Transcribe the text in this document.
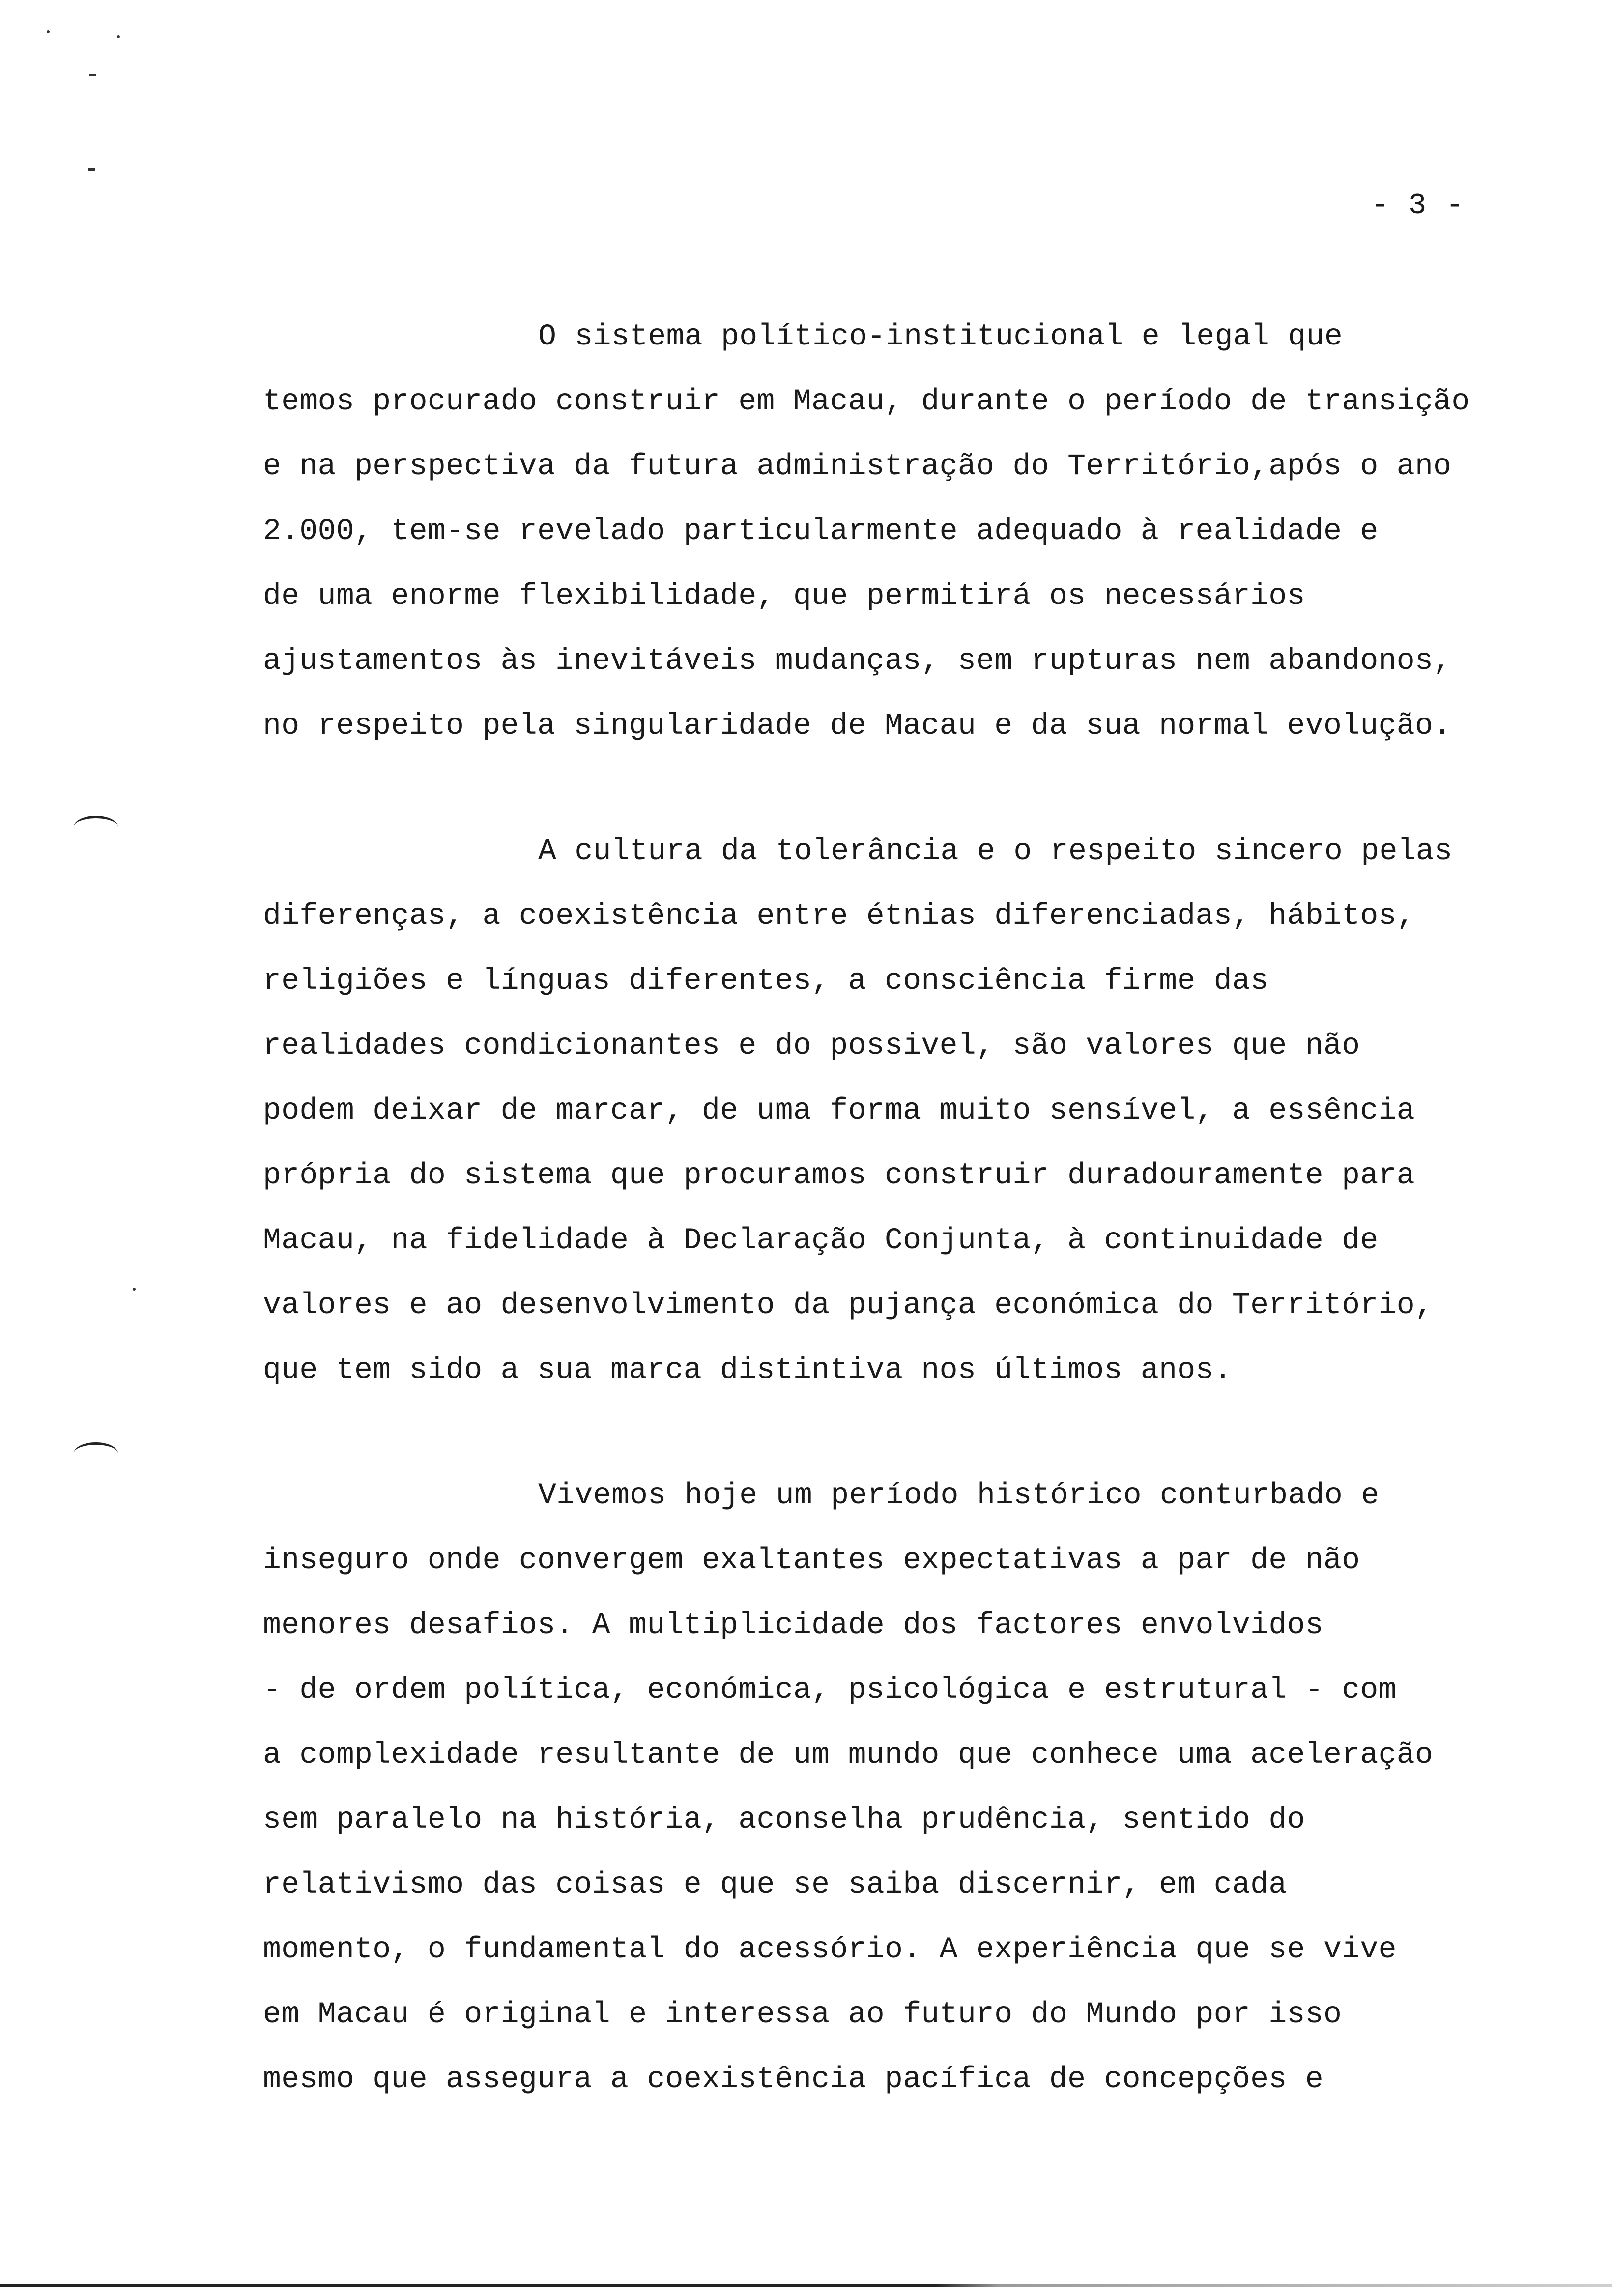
- 3 -
O sistema político-institucional e legal que
temos procurado construir em Macau, durante o período de transição
e na perspectiva da futura administração do Território,após o ano
2.000, tem-se revelado particularmente adequado à realidade e
de uma enorme flexibilidade, que permitirá os necessários
ajustamentos às inevitáveis mudanças, sem rupturas nem abandonos,
no respeito pela singularidade de Macau e da sua normal evolução.
A cultura da tolerância e o respeito sincero pelas
diferenças, a coexistência entre étnias diferenciadas, hábitos,
religiões e línguas diferentes, a consciência firme das
realidades condicionantes e do possivel, são valores que não
podem deixar de marcar, de uma forma muito sensível, a essência
própria do sistema que procuramos construir duradouramente para
Macau, na fidelidade à Declaração Conjunta, à continuidade de
valores e ao desenvolvimento da pujança económica do Território,
que tem sido a sua marca distintiva nos últimos anos.
Vivemos hoje um período histórico conturbado e
inseguro onde convergem exaltantes expectativas a par de não
menores desafios. A multiplicidade dos factores envolvidos
- de ordem política, económica, psicológica e estrutural - com
a complexidade resultante de um mundo que conhece uma aceleração
sem paralelo na história, aconselha prudência, sentido do
relativismo das coisas e que se saiba discernir, em cada
momento, o fundamental do acessório. A experiência que se vive
em Macau é original e interessa ao futuro do Mundo por isso
mesmo que assegura a coexistência pacífica de concepções e
